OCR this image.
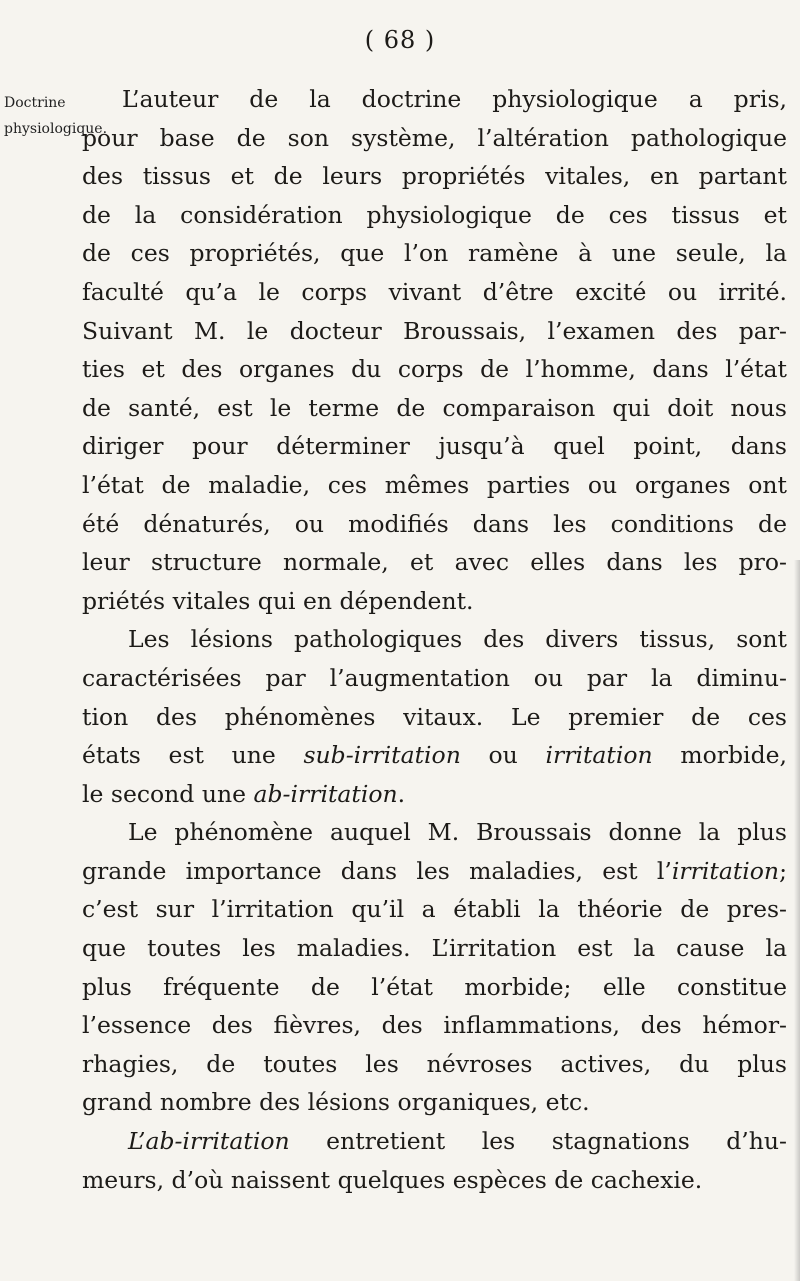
( 68 )
Doctrine
physiologique.
L’auteur de la doctrine physiologique a pris,
pour base de son système, l’altération pathologique
des tissus et de leurs propriétés vitales, en partant
de la considération physiologique de ces tissus et
de ces propriétés, que l’on ramène à une seule, la
faculté qu’a le corps vivant d’être excité ou irrité.
Suivant M. le docteur Broussais, l’examen des par-
ties et des organes du corps de l’homme, dans l’état
de santé, est le terme de comparaison qui doit nous
diriger pour déterminer jusqu’à quel point, dans
l’état de maladie, ces mêmes parties ou organes ont
été dénaturés, ou modifiés dans les conditions de
leur structure normale, et avec elles dans les pro-
priétés vitales qui en dépendent.
Les lésions pathologiques des divers tissus, sont
caractérisées par l’augmentation ou par la diminu-
tion des phénomènes vitaux. Le premier de ces
états est une sub-irritation ou irritation morbide,
le second une ab-irritation.
Le phénomène auquel M. Broussais donne la plus
grande importance dans les maladies, est l’irritation;
c’est sur l’irritation qu’il a établi la théorie de pres-
que toutes les maladies. L’irritation est la cause la
plus fréquente de l’état morbide; elle constitue
l’essence des fièvres, des inflammations, des hémor-
rhagies, de toutes les névroses actives, du plus
grand nombre des lésions organiques, etc.
L’ab-irritation entretient les stagnations d’hu-
meurs, d’où naissent quelques espèces de cachexie.
